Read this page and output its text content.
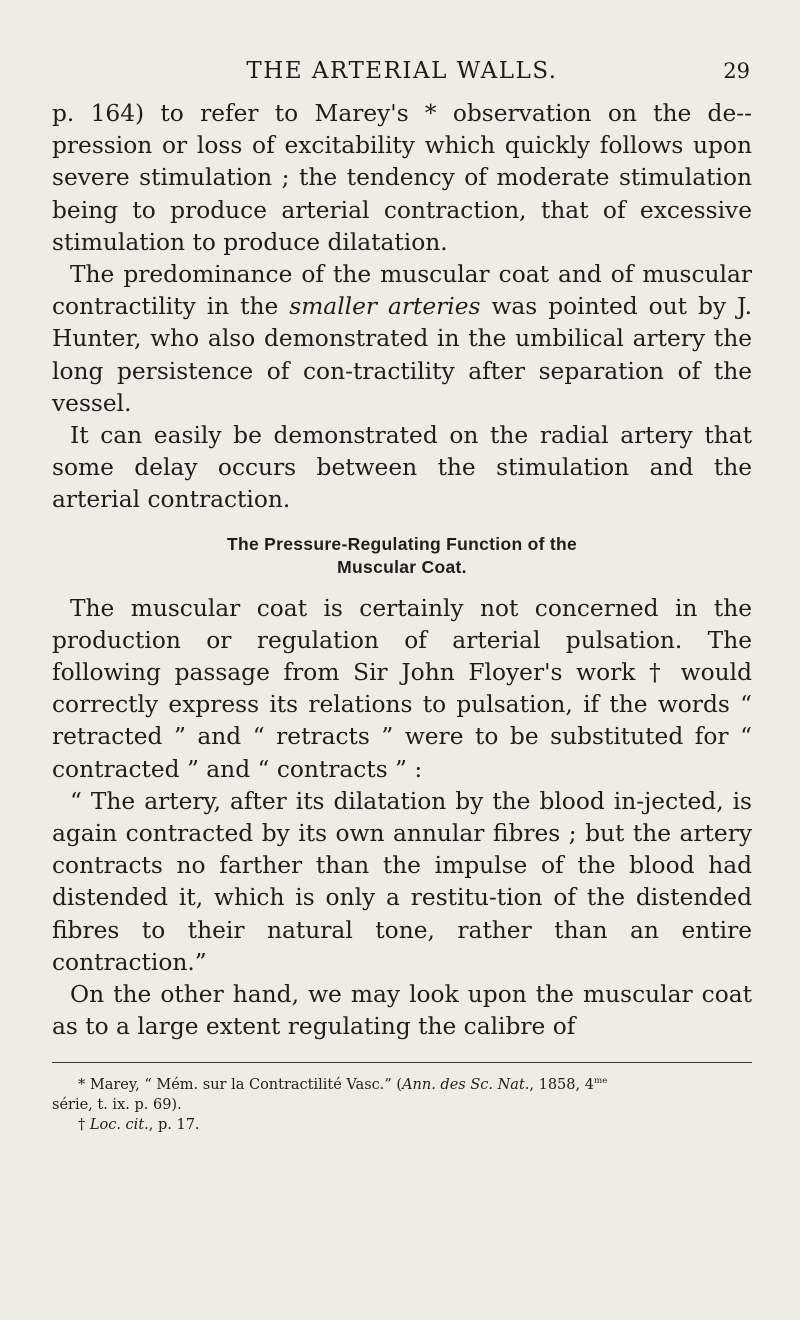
THE ARTERIAL WALLS.	29

p. 164) to refer to Marey's * observation on the de-pression or loss of excitability which quickly follows upon severe stimulation ; the tendency of moderate stimulation being to produce arterial contraction, that of excessive stimulation to produce dilatation.

The predominance of the muscular coat and of muscular contractility in the smaller arteries was pointed out by J. Hunter, who also demonstrated in the umbilical artery the long persistence of con-tractility after separation of the vessel.

It can easily be demonstrated on the radial artery that some delay occurs between the stimulation and the arterial contraction.

The Pressure-Regulating Function of the
Muscular Coat.

The muscular coat is certainly not concerned in the production or regulation of arterial pulsation. The following passage from Sir John Floyer's work † would correctly express its relations to pulsation, if the words “ retracted ” and “ retracts ” were to be substituted for “ contracted ” and “ contracts ” :

“ The artery, after its dilatation by the blood in-jected, is again contracted by its own annular fibres ; but the artery contracts no farther than the impulse of the blood had distended it, which is only a restitu-tion of the distended fibres to their natural tone, rather than an entire contraction.”

On the other hand, we may look upon the muscular coat as to a large extent regulating the calibre of

* Marey, “ Mém. sur la Contractilité Vasc.” (Ann. des Sc. Nat., 1858, $4^{me}$

série, t. ix. p. 69).

† Loc. cit., p. 17.
